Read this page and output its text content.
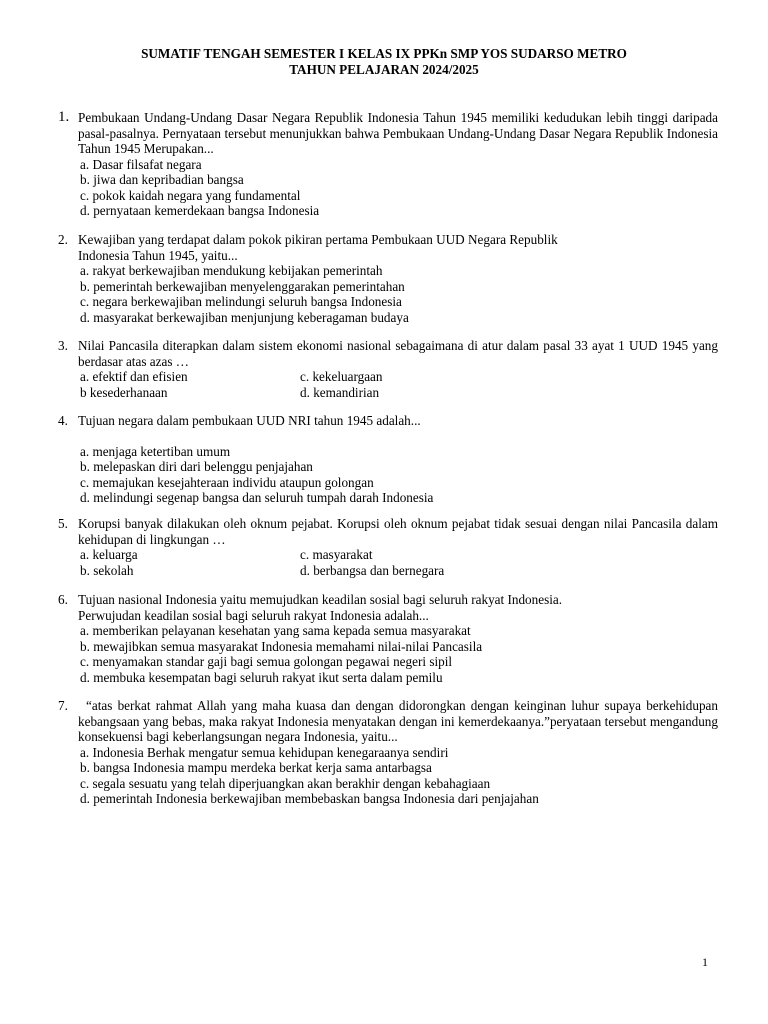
SUMATIF TENGAH SEMESTER I KELAS IX PPKn SMP YOS SUDARSO METRO
TAHUN PELAJARAN 2024/2025
1. Pembukaan Undang-Undang Dasar Negara Republik Indonesia Tahun 1945 memiliki kedudukan lebih tinggi daripada pasal-pasalnya. Pernyataan tersebut menunjukkan bahwa Pembukaan Undang-Undang Dasar Negara Republik Indonesia Tahun 1945 Merupakan...
a. Dasar filsafat negara
b. jiwa dan kepribadian bangsa
c. pokok kaidah negara yang fundamental
d. pernyataan kemerdekaan bangsa Indonesia
2. Kewajiban yang terdapat dalam pokok pikiran pertama Pembukaan UUD Negara Republik
Indonesia Tahun 1945, yaitu...
a. rakyat berkewajiban mendukung kebijakan pemerintah
b. pemerintah berkewajiban menyelenggarakan pemerintahan
c. negara berkewajiban melindungi seluruh bangsa Indonesia
d. masyarakat berkewajiban menjunjung keberagaman budaya
3. Nilai Pancasila diterapkan dalam sistem ekonomi nasional sebagaimana di atur dalam pasal 33 ayat 1 UUD 1945 yang berdasar atas azas …
a. efektif dan efisien	c. kekeluargaan
b kesederhanaan	d. kemandirian
4. Tujuan negara dalam pembukaan UUD NRI tahun 1945 adalah...
a. menjaga ketertiban umum
b. melepaskan diri dari belenggu penjajahan
c. memajukan kesejahteraan individu ataupun golongan
d. melindungi segenap bangsa dan seluruh tumpah darah Indonesia
5. Korupsi banyak dilakukan oleh oknum pejabat. Korupsi oleh oknum pejabat tidak sesuai dengan nilai Pancasila dalam kehidupan di lingkungan …
a. keluarga	c. masyarakat
b. sekolah	d. berbangsa dan bernegara
6. Tujuan nasional Indonesia yaitu memujudkan keadilan sosial bagi seluruh rakyat Indonesia.
Perwujudan keadilan sosial bagi seluruh rakyat Indonesia adalah...
a. memberikan pelayanan kesehatan yang sama kepada semua masyarakat
b. mewajibkan semua masyarakat Indonesia memahami nilai-nilai Pancasila
c. menyamakan standar gaji bagi semua golongan pegawai negeri sipil
d. membuka kesempatan bagi seluruh rakyat ikut serta dalam pemilu
7.	“atas berkat rahmat Allah yang maha kuasa dan dengan didorongkan dengan keinginan luhur supaya berkehidupan kebangsaan yang bebas, maka rakyat Indonesia menyatakan dengan ini kemerdekaanya.”peryataan tersebut mengandung konsekuensi bagi keberlangsungan negara Indonesia, yaitu...
a. Indonesia Berhak mengatur semua kehidupan kenegaraanya sendiri
b. bangsa Indonesia mampu merdeka berkat kerja sama antarbagsa
c. segala sesuatu yang telah diperjuangkan akan berakhir dengan kebahagiaan
d. pemerintah Indonesia berkewajiban membebaskan bangsa Indonesia dari penjajahan
1
